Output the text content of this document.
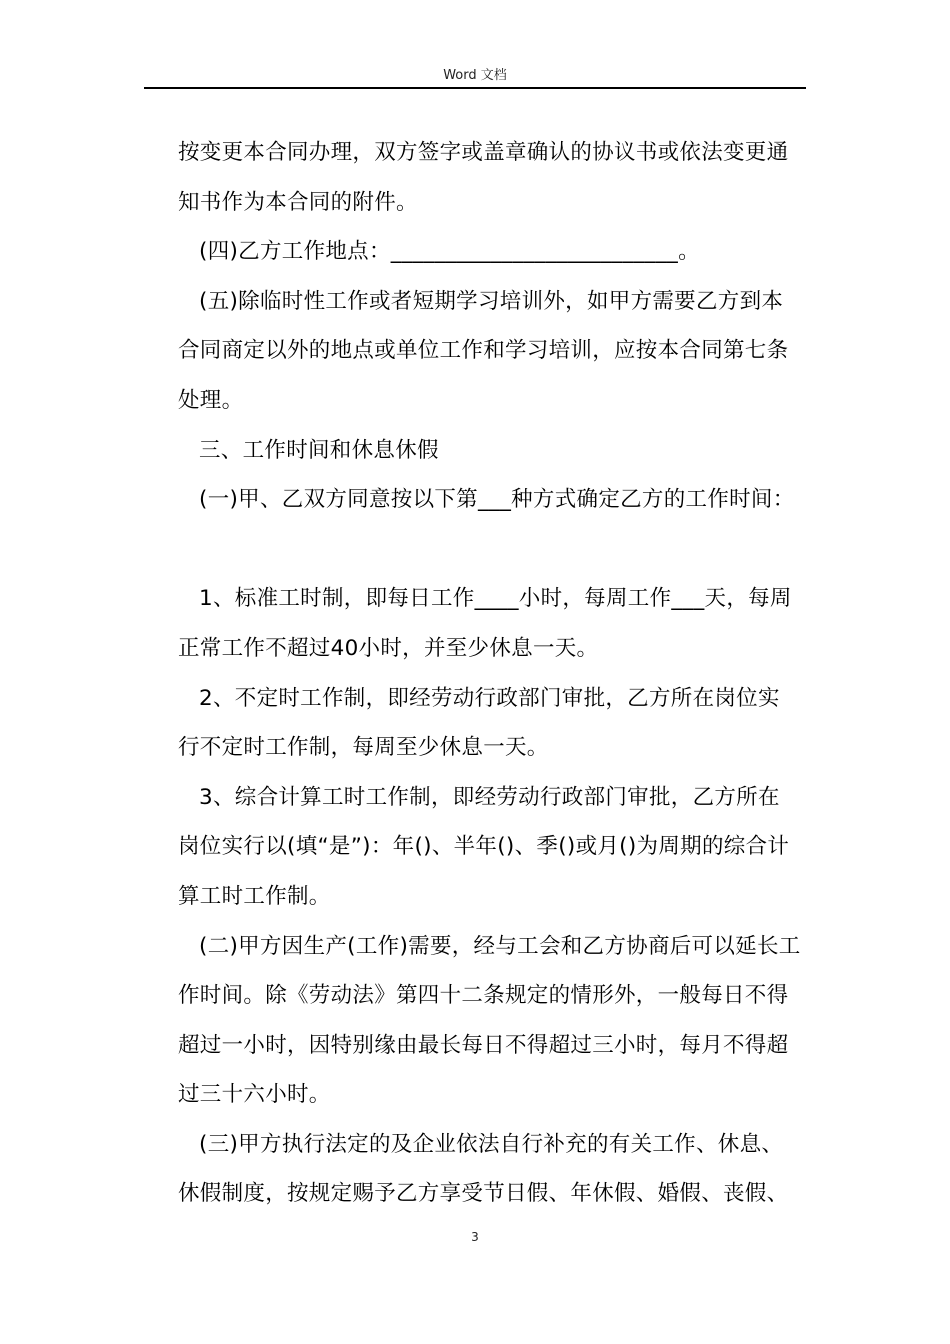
Word 文档
按变更本合同办理，双方签字或盖章确认的协议书或依法变更通
知书作为本合同的附件。
(四)乙方工作地点：__________________________。
(五)除临时性工作或者短期学习培训外，如甲方需要乙方到本
合同商定以外的地点或单位工作和学习培训，应按本合同第七条
处理。
三、工作时间和休息休假
(一)甲、乙双方同意按以下第___种方式确定乙方的工作时间：
1、标准工时制，即每日工作____小时，每周工作___天，每周
正常工作不超过40小时，并至少休息一天。
2、不定时工作制，即经劳动行政部门审批，乙方所在岗位实
行不定时工作制，每周至少休息一天。
3、综合计算工时工作制，即经劳动行政部门审批，乙方所在
岗位实行以(填“是”)：年()、半年()、季()或月()为周期的综合计
算工时工作制。
(二)甲方因生产(工作)需要，经与工会和乙方协商后可以延长工
作时间。除《劳动法》第四十二条规定的情形外，一般每日不得
超过一小时，因特别缘由最长每日不得超过三小时，每月不得超
过三十六小时。
(三)甲方执行法定的及企业依法自行补充的有关工作、休息、
休假制度，按规定赐予乙方享受节日假、年休假、婚假、丧假、
3
